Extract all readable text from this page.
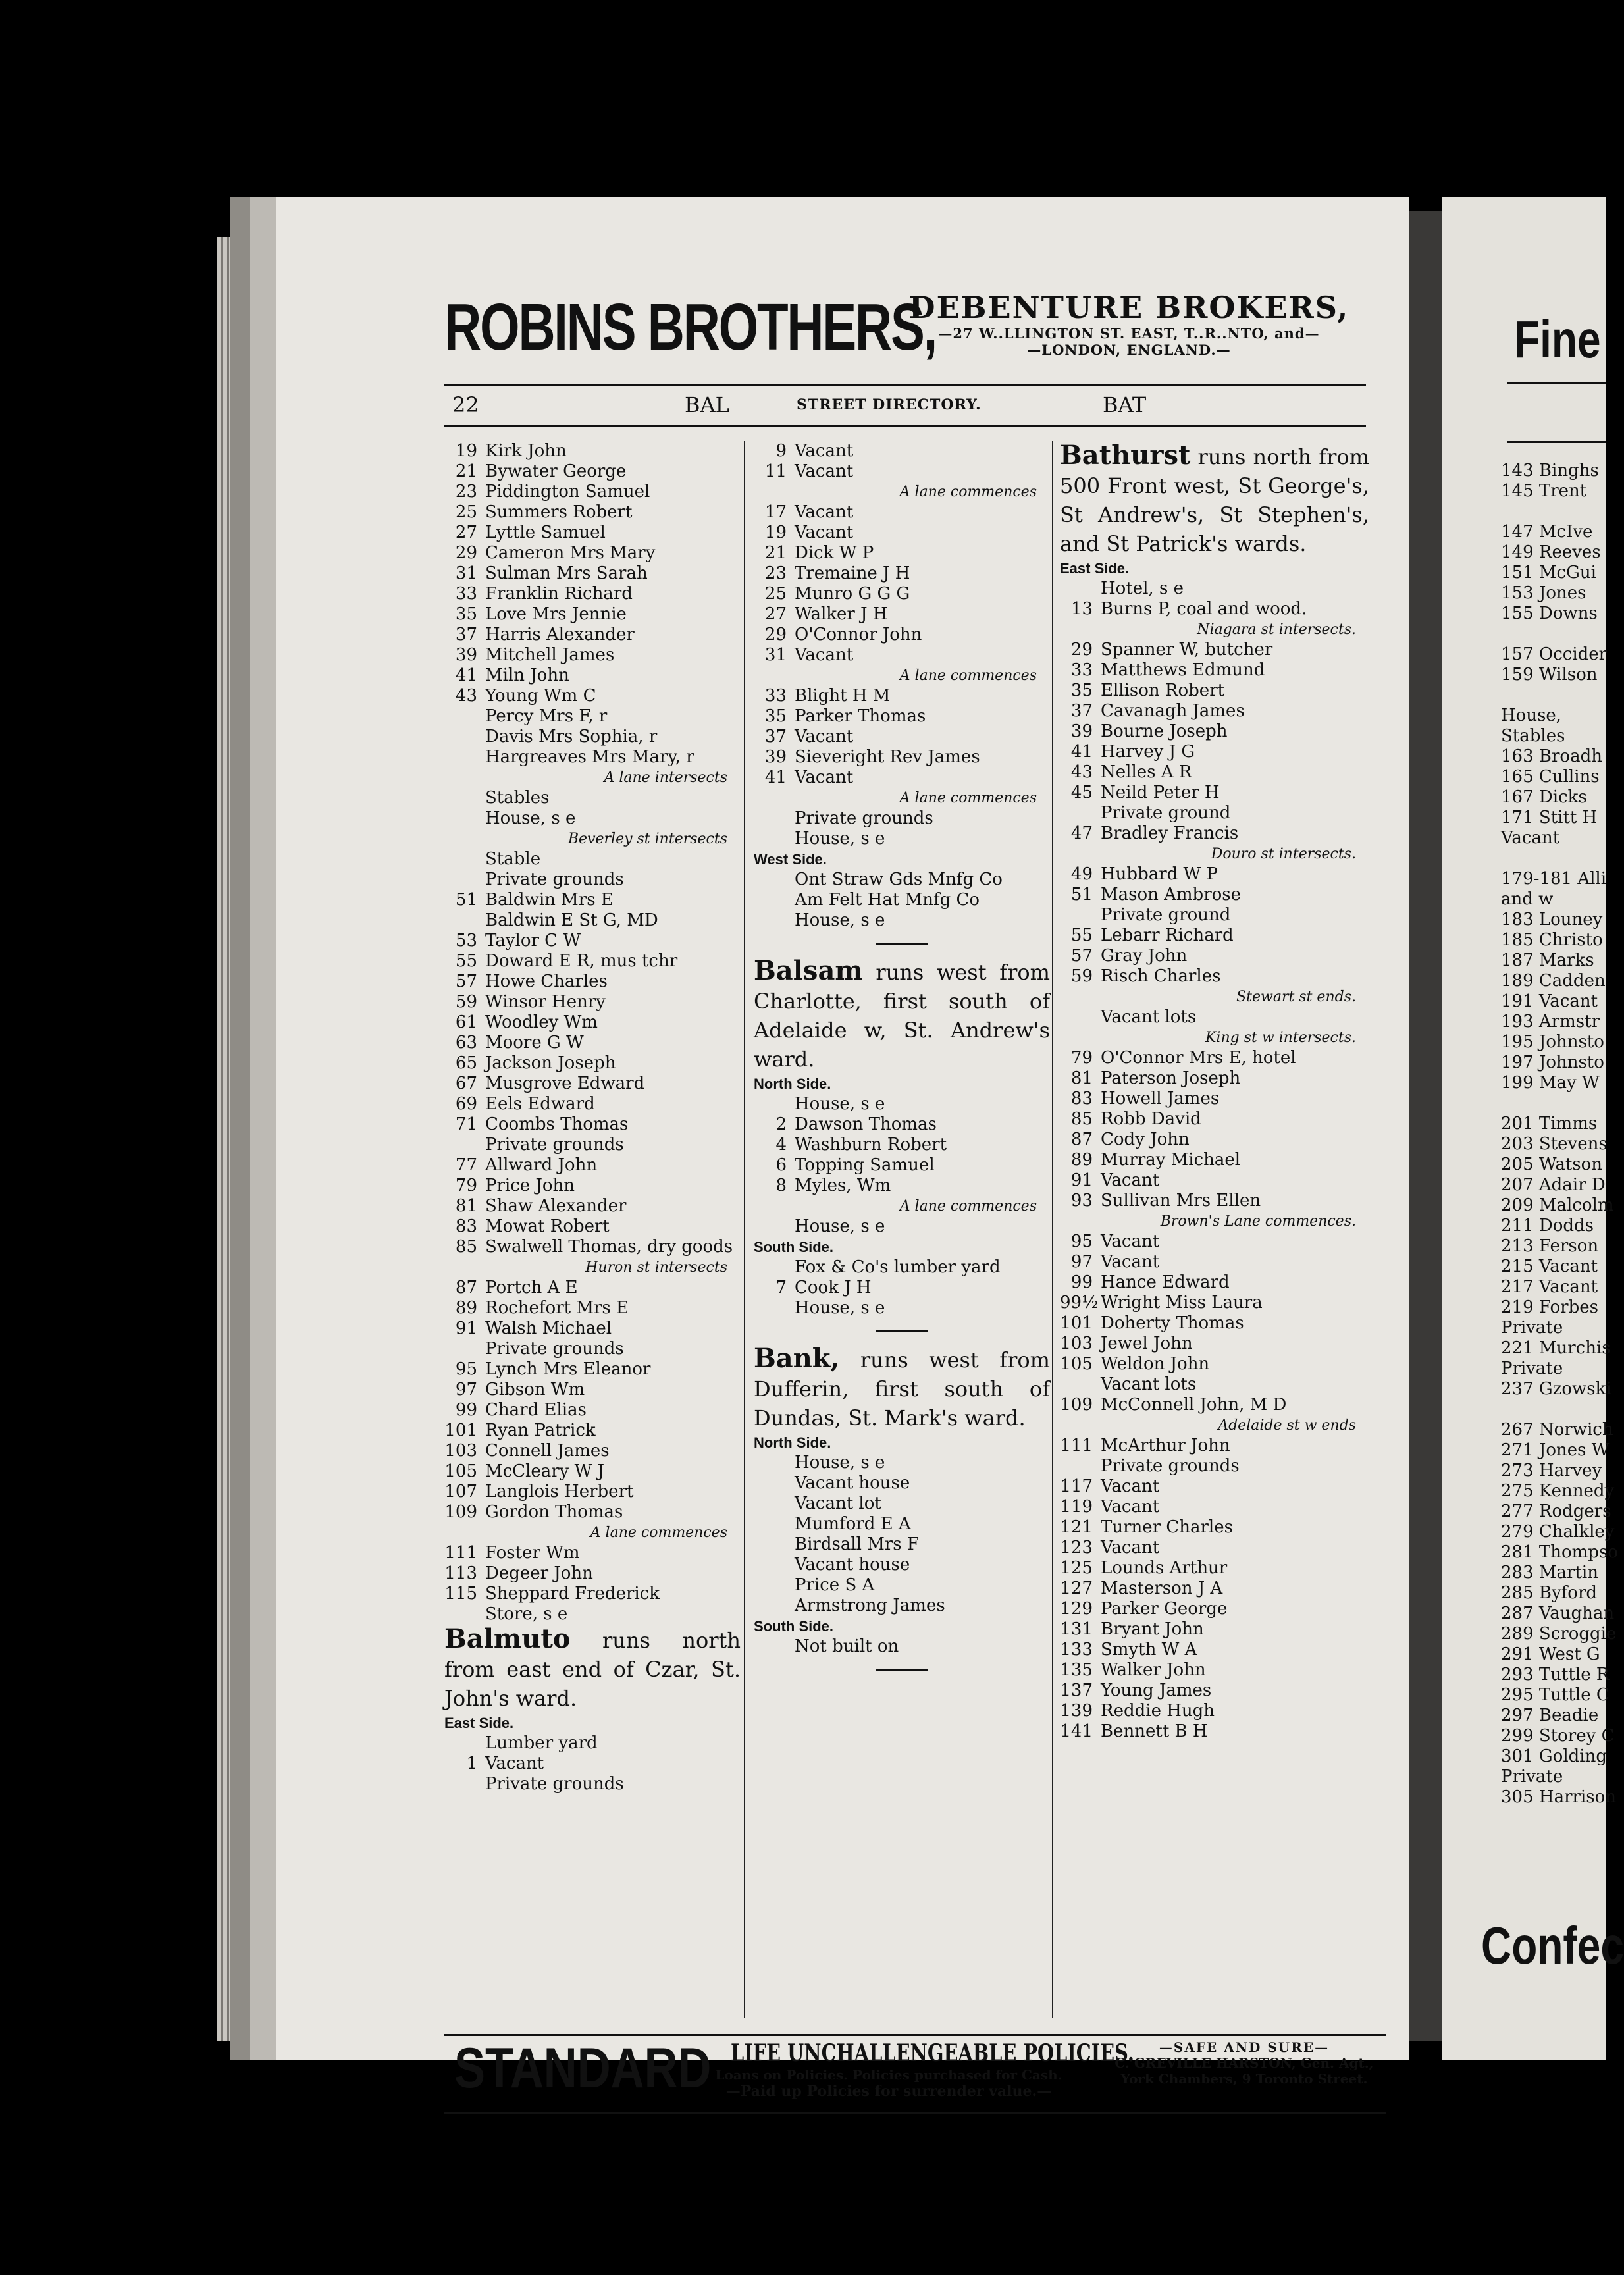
ROBINS BROTHERS,
DEBENTURE BROKERS,
—27 W..LLINGTON ST. EAST, T..R..NTO, and—
—LONDON, ENGLAND.—
22	BAL	STREET DIRECTORY.	BAT
19 Kirk John
21 Bywater George
23 Piddington Samuel
25 Summers Robert
27 Lyttle Samuel
29 Cameron Mrs Mary
31 Sulman Mrs Sarah
33 Franklin Richard
35 Love Mrs Jennie
37 Harris Alexander
39 Mitchell James
41 Miln John
43 Young Wm C
Percy Mrs F, r
Davis Mrs Sophia, r
Hargreaves Mrs Mary, r
A lane intersects
Stables
House, s e
Beverley st intersects
Stable
Private grounds
51 Baldwin Mrs E
Baldwin E St G, MD
53 Taylor C W
55 Doward E R, mus tchr
57 Howe Charles
59 Winsor Henry
61 Woodley Wm
63 Moore G W
65 Jackson Joseph
67 Musgrove Edward
69 Eels Edward
71 Coombs Thomas
Private grounds
77 Allward John
79 Price John
81 Shaw Alexander
83 Mowat Robert
85 Swalwell Thomas, dry goods
Huron st intersects
87 Portch A E
89 Rochefort Mrs E
91 Walsh Michael
Private grounds
95 Lynch Mrs Eleanor
97 Gibson Wm
99 Chard Elias
101 Ryan Patrick
103 Connell James
105 McCleary W J
107 Langlois Herbert
109 Gordon Thomas
A lane commences
111 Foster Wm
113 Degeer John
115 Sheppard Frederick
Store, s e
Balmuto runs north from east end of Czar, St. John's ward.
East Side.
Lumber yard
1 Vacant
Private grounds
9 Vacant
11 Vacant
A lane commences
17 Vacant
19 Vacant
21 Dick W P
23 Tremaine J H
25 Munro G G G
27 Walker J H
29 O'Connor John
31 Vacant
A lane commences
33 Blight H M
35 Parker Thomas
37 Vacant
39 Sieveright Rev James
41 Vacant
A lane commences
Private grounds
House, s e
West Side.
Ont Straw Gds Mnfg Co
Am Felt Hat Mnfg Co
House, s e
Balsam runs west from Charlotte, first south of Adelaide w, St. Andrew's ward.
North Side.
House, s e
2 Dawson Thomas
4 Washburn Robert
6 Topping Samuel
8 Myles, Wm
A lane commences
House, s e
South Side.
Fox & Co's lumber yard
7 Cook J H
House, s e
Bank, runs west from Dufferin, first south of Dundas, St. Mark's ward.
North Side.
House, s e
Vacant house
Vacant lot
Mumford E A
Birdsall Mrs F
Vacant house
Price S A
Armstrong James
South Side.
Not built on
Bathurst runs north from 500 Front west, St George's, St Andrew's, St Stephen's, and St Patrick's wards.
East Side.
Hotel, s e
13 Burns P, coal and wood.
Niagara st intersects.
29 Spanner W, butcher
33 Matthews Edmund
35 Ellison Robert
37 Cavanagh James
39 Bourne Joseph
41 Harvey J G
43 Nelles A R
45 Neild Peter H
Private ground
47 Bradley Francis
Douro st intersects.
49 Hubbard W P
51 Mason Ambrose
Private ground
55 Lebarr Richard
57 Gray John
59 Risch Charles
Stewart st ends.
Vacant lots
King st w intersects.
79 O'Connor Mrs E, hotel
81 Paterson Joseph
83 Howell James
85 Robb David
87 Cody John
89 Murray Michael
91 Vacant
93 Sullivan Mrs Ellen
Brown's Lane commences.
95 Vacant
97 Vacant
99 Hance Edward
99½ Wright Miss Laura
101 Doherty Thomas
103 Jewel John
105 Weldon John
Vacant lots
109 McConnell John, M D
Adelaide st w ends
111 McArthur John
Private grounds
117 Vacant
119 Vacant
121 Turner Charles
123 Vacant
125 Lounds Arthur
127 Masterson J A
129 Parker George
131 Bryant John
133 Smyth W A
135 Walker John
137 Young James
139 Reddie Hugh
141 Bennett B H
STANDARD LIFE UNCHALLENGEABLE POLICIES.
Loans on Policies. Policies purchased for Cash.
—Paid up Policies for surrender value.—
—SAFE AND SURE—
C. GREVILLE HARSTON, Gen. Agt.,
York Chambers, 9 Toronto Street.
Fine
143 Binghs
145 Trent
147 McIve
149 Reeves
151 McGui
153 Jones
155 Downs
157 Occider
159 Wilson
House,
Stables
163 Broadh
165 Cullins
167 Dicks
171 Stitt H
Vacant
179-181 Alli
and w
183 Louney
185 Christo
187 Marks
189 Cadden
191 Vacant
193 Armstr
195 Johnsto
197 Johnsto
199 May W
201 Timms
203 Stevens
205 Watson
207 Adair D
209 Malcolm
211 Dodds
213 Ferson
215 Vacant
217 Vacant
219 Forbes
Private
221 Murchis
Private
237 Gzowski
267 Norwich
271 Jones W
273 Harvey
275 Kennedy
277 Rodgers
279 Chalkley
281 Thompso
283 Martin
285 Byford
287 Vaughan
289 Scroggie
291 West G
293 Tuttle R
295 Tuttle C
297 Beadie
299 Storey C
301 Golding
Private
305 Harrison
Confec
